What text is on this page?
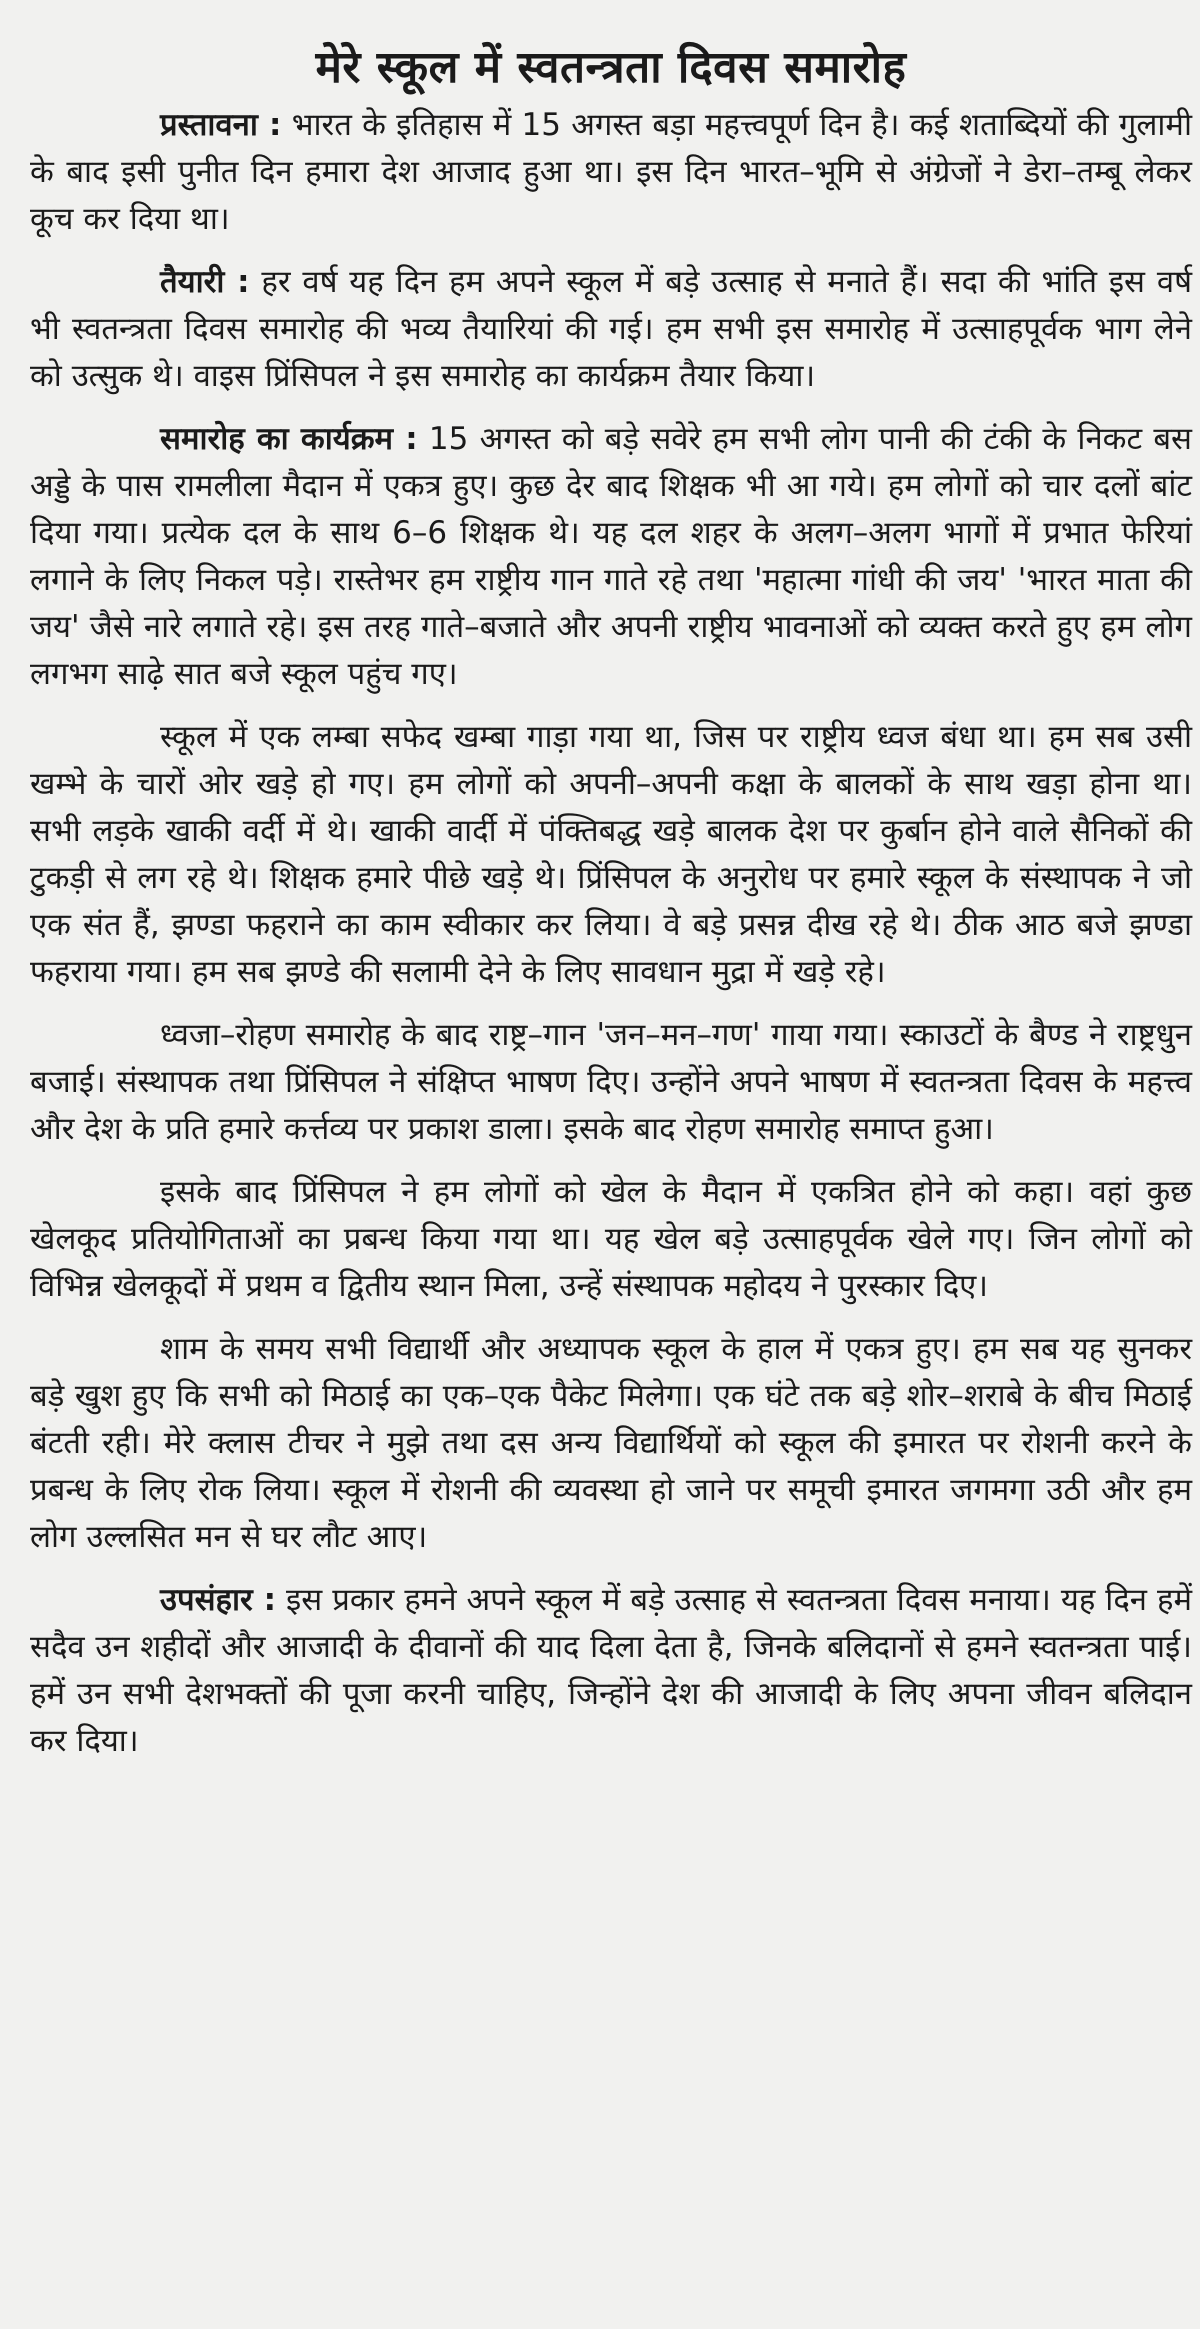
मेरे स्कूल में स्वतन्त्रता दिवस समारोह

प्रस्तावना : भारत के इतिहास में 15 अगस्त बड़ा महत्त्वपूर्ण दिन है। कई शताब्दियों की गुलामी के बाद इसी पुनीत दिन हमारा देश आजाद हुआ था। इस दिन भारत–भूमि से अंग्रेजों ने डेरा–तम्बू लेकर कूच कर दिया था।

तैयारी : हर वर्ष यह दिन हम अपने स्कूल में बड़े उत्साह से मनाते हैं। सदा की भांति इस वर्ष भी स्वतन्त्रता दिवस समारोह की भव्य तैयारियां की गई। हम सभी इस समारोह में उत्साहपूर्वक भाग लेने को उत्सुक थे। वाइस प्रिंसिपल ने इस समारोह का कार्यक्रम तैयार किया।

समारोह का कार्यक्रम : 15 अगस्त को बड़े सवेरे हम सभी लोग पानी की टंकी के निकट बस अड्डे के पास रामलीला मैदान में एकत्र हुए। कुछ देर बाद शिक्षक भी आ गये। हम लोगों को चार दलों बांट दिया गया। प्रत्येक दल के साथ 6–6 शिक्षक थे। यह दल शहर के अलग–अलग भागों में प्रभात फेरियां लगाने के लिए निकल पड़े। रास्तेभर हम राष्ट्रीय गान गाते रहे तथा 'महात्मा गांधी की जय' 'भारत माता की जय' जैसे नारे लगाते रहे। इस तरह गाते–बजाते और अपनी राष्ट्रीय भावनाओं को व्यक्त करते हुए हम लोग लगभग साढ़े सात बजे स्कूल पहुंच गए।

स्कूल में एक लम्बा सफेद खम्बा गाड़ा गया था, जिस पर राष्ट्रीय ध्वज बंधा था। हम सब उसी खम्भे के चारों ओर खड़े हो गए। हम लोगों को अपनी–अपनी कक्षा के बालकों के साथ खड़ा होना था। सभी लड़के खाकी वर्दी में थे। खाकी वार्दी में पंक्तिबद्ध खड़े बालक देश पर कुर्बान होने वाले सैनिकों की टुकड़ी से लग रहे थे। शिक्षक हमारे पीछे खड़े थे। प्रिंसिपल के अनुरोध पर हमारे स्कूल के संस्थापक ने जो एक संत हैं, झण्डा फहराने का काम स्वीकार कर लिया। वे बड़े प्रसन्न दीख रहे थे। ठीक आठ बजे झण्डा फहराया गया। हम सब झण्डे की सलामी देने के लिए सावधान मुद्रा में खड़े रहे।

ध्वजा–रोहण समारोह के बाद राष्ट्र–गान 'जन–मन–गण' गाया गया। स्काउटों के बैण्ड ने राष्ट्रधुन बजाई। संस्थापक तथा प्रिंसिपल ने संक्षिप्त भाषण दिए। उन्होंने अपने भाषण में स्वतन्त्रता दिवस के महत्त्व और देश के प्रति हमारे कर्त्तव्य पर प्रकाश डाला। इसके बाद रोहण समारोह समाप्त हुआ।

इसके बाद प्रिंसिपल ने हम लोगों को खेल के मैदान में एकत्रित होने को कहा। वहां कुछ खेलकूद प्रतियोगिताओं का प्रबन्ध किया गया था। यह खेल बड़े उत्साहपूर्वक खेले गए। जिन लोगों को विभिन्न खेलकूदों में प्रथम व द्वितीय स्थान मिला, उन्हें संस्थापक महोदय ने पुरस्कार दिए।

शाम के समय सभी विद्यार्थी और अध्यापक स्कूल के हाल में एकत्र हुए। हम सब यह सुनकर बड़े खुश हुए कि सभी को मिठाई का एक–एक पैकेट मिलेगा। एक घंटे तक बड़े शोर–शराबे के बीच मिठाई बंटती रही। मेरे क्लास टीचर ने मुझे तथा दस अन्य विद्यार्थियों को स्कूल की इमारत पर रोशनी करने के प्रबन्ध के लिए रोक लिया। स्कूल में रोशनी की व्यवस्था हो जाने पर समूची इमारत जगमगा उठी और हम लोग उल्लसित मन से घर लौट आए।

उपसंहार : इस प्रकार हमने अपने स्कूल में बड़े उत्साह से स्वतन्त्रता दिवस मनाया। यह दिन हमें सदैव उन शहीदों और आजादी के दीवानों की याद दिला देता है, जिनके बलिदानों से हमने स्वतन्त्रता पाई। हमें उन सभी देशभक्तों की पूजा करनी चाहिए, जिन्होंने देश की आजादी के लिए अपना जीवन बलिदान कर दिया।
